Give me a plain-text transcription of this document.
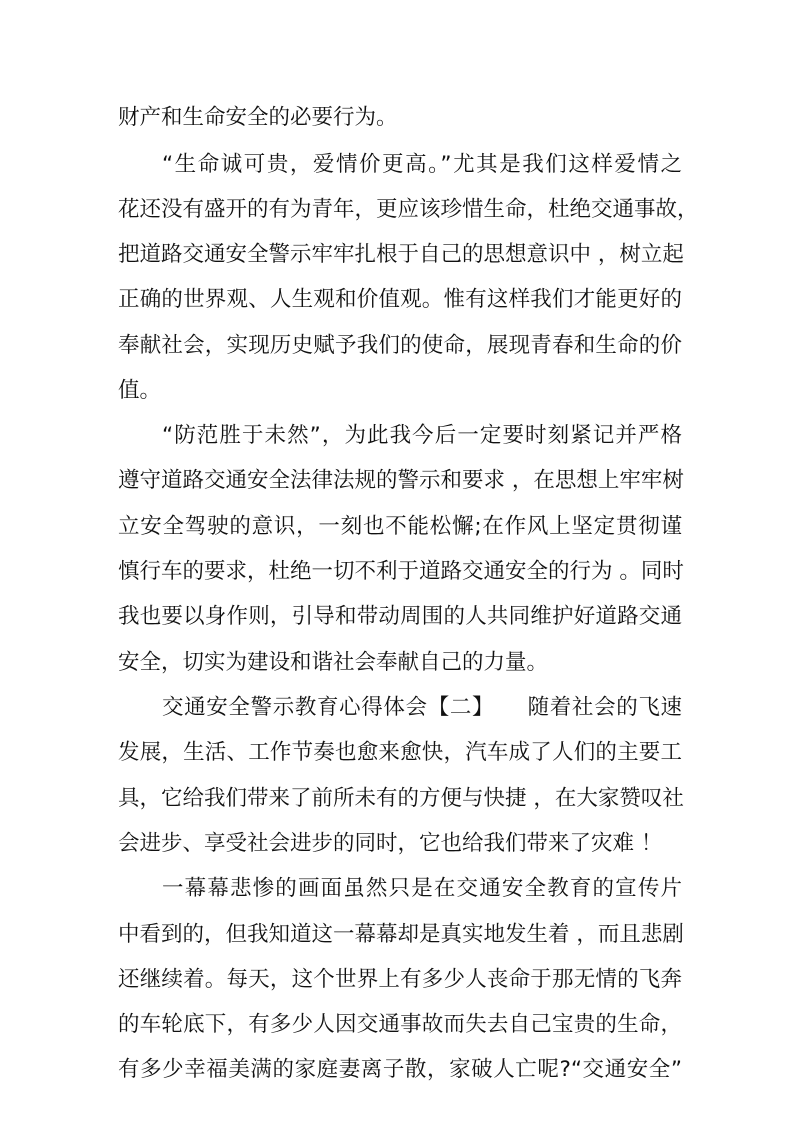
财产和生命安全的必要行为。
“生命诚可贵，爱情价更高。”尤其是我们这样爱情之
花还没有盛开的有为青年，更应该珍惜生命，杜绝交通事故，
把道路交通安全警示牢牢扎根于自己的思想意识中 ，树立起
正确的世界观、人生观和价值观。惟有这样我们才能更好的
奉献社会，实现历史赋予我们的使命，展现青春和生命的价
值。
“防范胜于未然”，为此我今后一定要时刻紧记并严格
遵守道路交通安全法律法规的警示和要求 ，在思想上牢牢树
立安全驾驶的意识，一刻也不能松懈;在作风上坚定贯彻谨
慎行车的要求，杜绝一切不利于道路交通安全的行为 。同时
我也要以身作则，引导和带动周围的人共同维护好道路交通
安全，切实为建设和谐社会奉献自己的力量。
交通安全警示教育心得体会【二】　　随着社会的飞速
发展，生活、工作节奏也愈来愈快，汽车成了人们的主要工
具，它给我们带来了前所未有的方便与快捷 ，在大家赞叹社
会进步、享受社会进步的同时，它也给我们带来了灾难 ！
一幕幕悲惨的画面虽然只是在交通安全教育的宣传片
中看到的，但我知道这一幕幕却是真实地发生着 ，而且悲剧
还继续着。每天，这个世界上有多少人丧命于那无情的飞奔
的车轮底下，有多少人因交通事故而失去自己宝贵的生命，
有多少幸福美满的家庭妻离子散，家破人亡呢?“交通安全”
